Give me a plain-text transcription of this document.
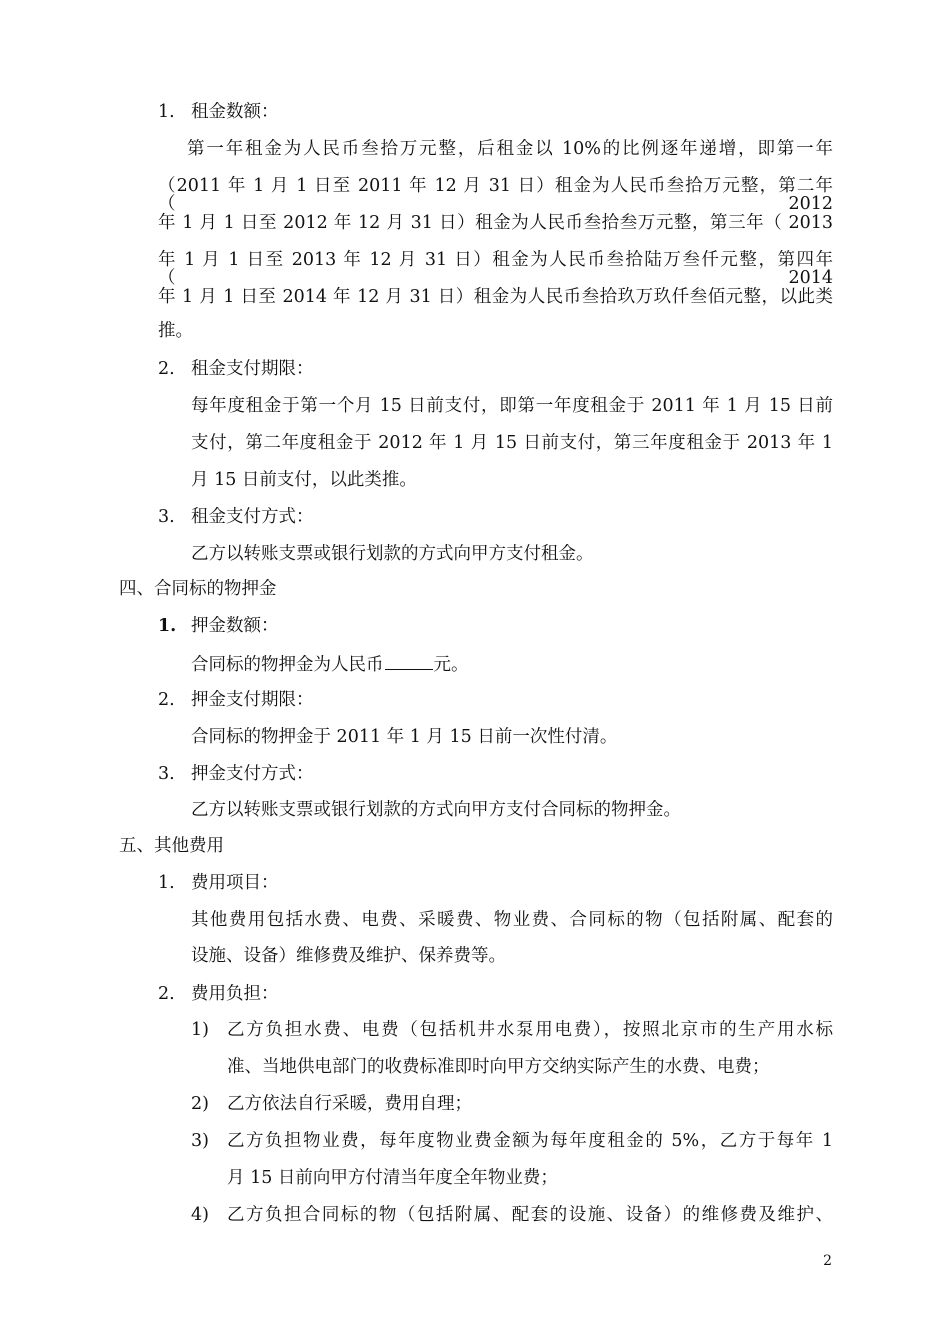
1. 租金数额：
第一年租金为人民币叁拾万元整，后租金以 10%的比例逐年递增，即第一年
（2011 年 1 月 1 日至 2011 年 12 月 31 日）租金为人民币叁拾万元整，第二年（2012
年 1 月 1 日至 2012 年 12 月 31 日）租金为人民币叁拾叁万元整，第三年（ 2013
年 1 月 1 日至 2013 年 12 月 31 日）租金为人民币叁拾陆万叁仟元整，第四年（2014
年 1 月 1 日至 2014 年 12 月 31 日）租金为人民币叁拾玖万玖仟叁佰元整，以此类
推。
2. 租金支付期限：
每年度租金于第一个月 15 日前支付，即第一年度租金于 2011 年 1 月 15 日前
支付，第二年度租金于 2012 年 1 月 15 日前支付，第三年度租金于 2013 年 1
月 15 日前支付，以此类推。
3. 租金支付方式：
乙方以转账支票或银行划款的方式向甲方支付租金。
四、合同标的物押金
1. 押金数额：
合同标的物押金为人民币	元。
2. 押金支付期限：
合同标的物押金于 2011 年 1 月 15 日前一次性付清。
3. 押金支付方式：
乙方以转账支票或银行划款的方式向甲方支付合同标的物押金。
五、其他费用
1. 费用项目：
其他费用包括水费、电费、采暖费、物业费、合同标的物（包括附属、配套的
设施、设备）维修费及维护、保养费等。
2. 费用负担：
1) 乙方负担水费、电费（包括机井水泵用电费），按照北京市的生产用水标
准、当地供电部门的收费标准即时向甲方交纳实际产生的水费、电费；
2) 乙方依法自行采暖，费用自理；
3) 乙方负担物业费，每年度物业费金额为每年度租金的 5%，乙方于每年 1
月 15 日前向甲方付清当年度全年物业费；
4) 乙方负担合同标的物（包括附属、配套的设施、设备）的维修费及维护、
2
